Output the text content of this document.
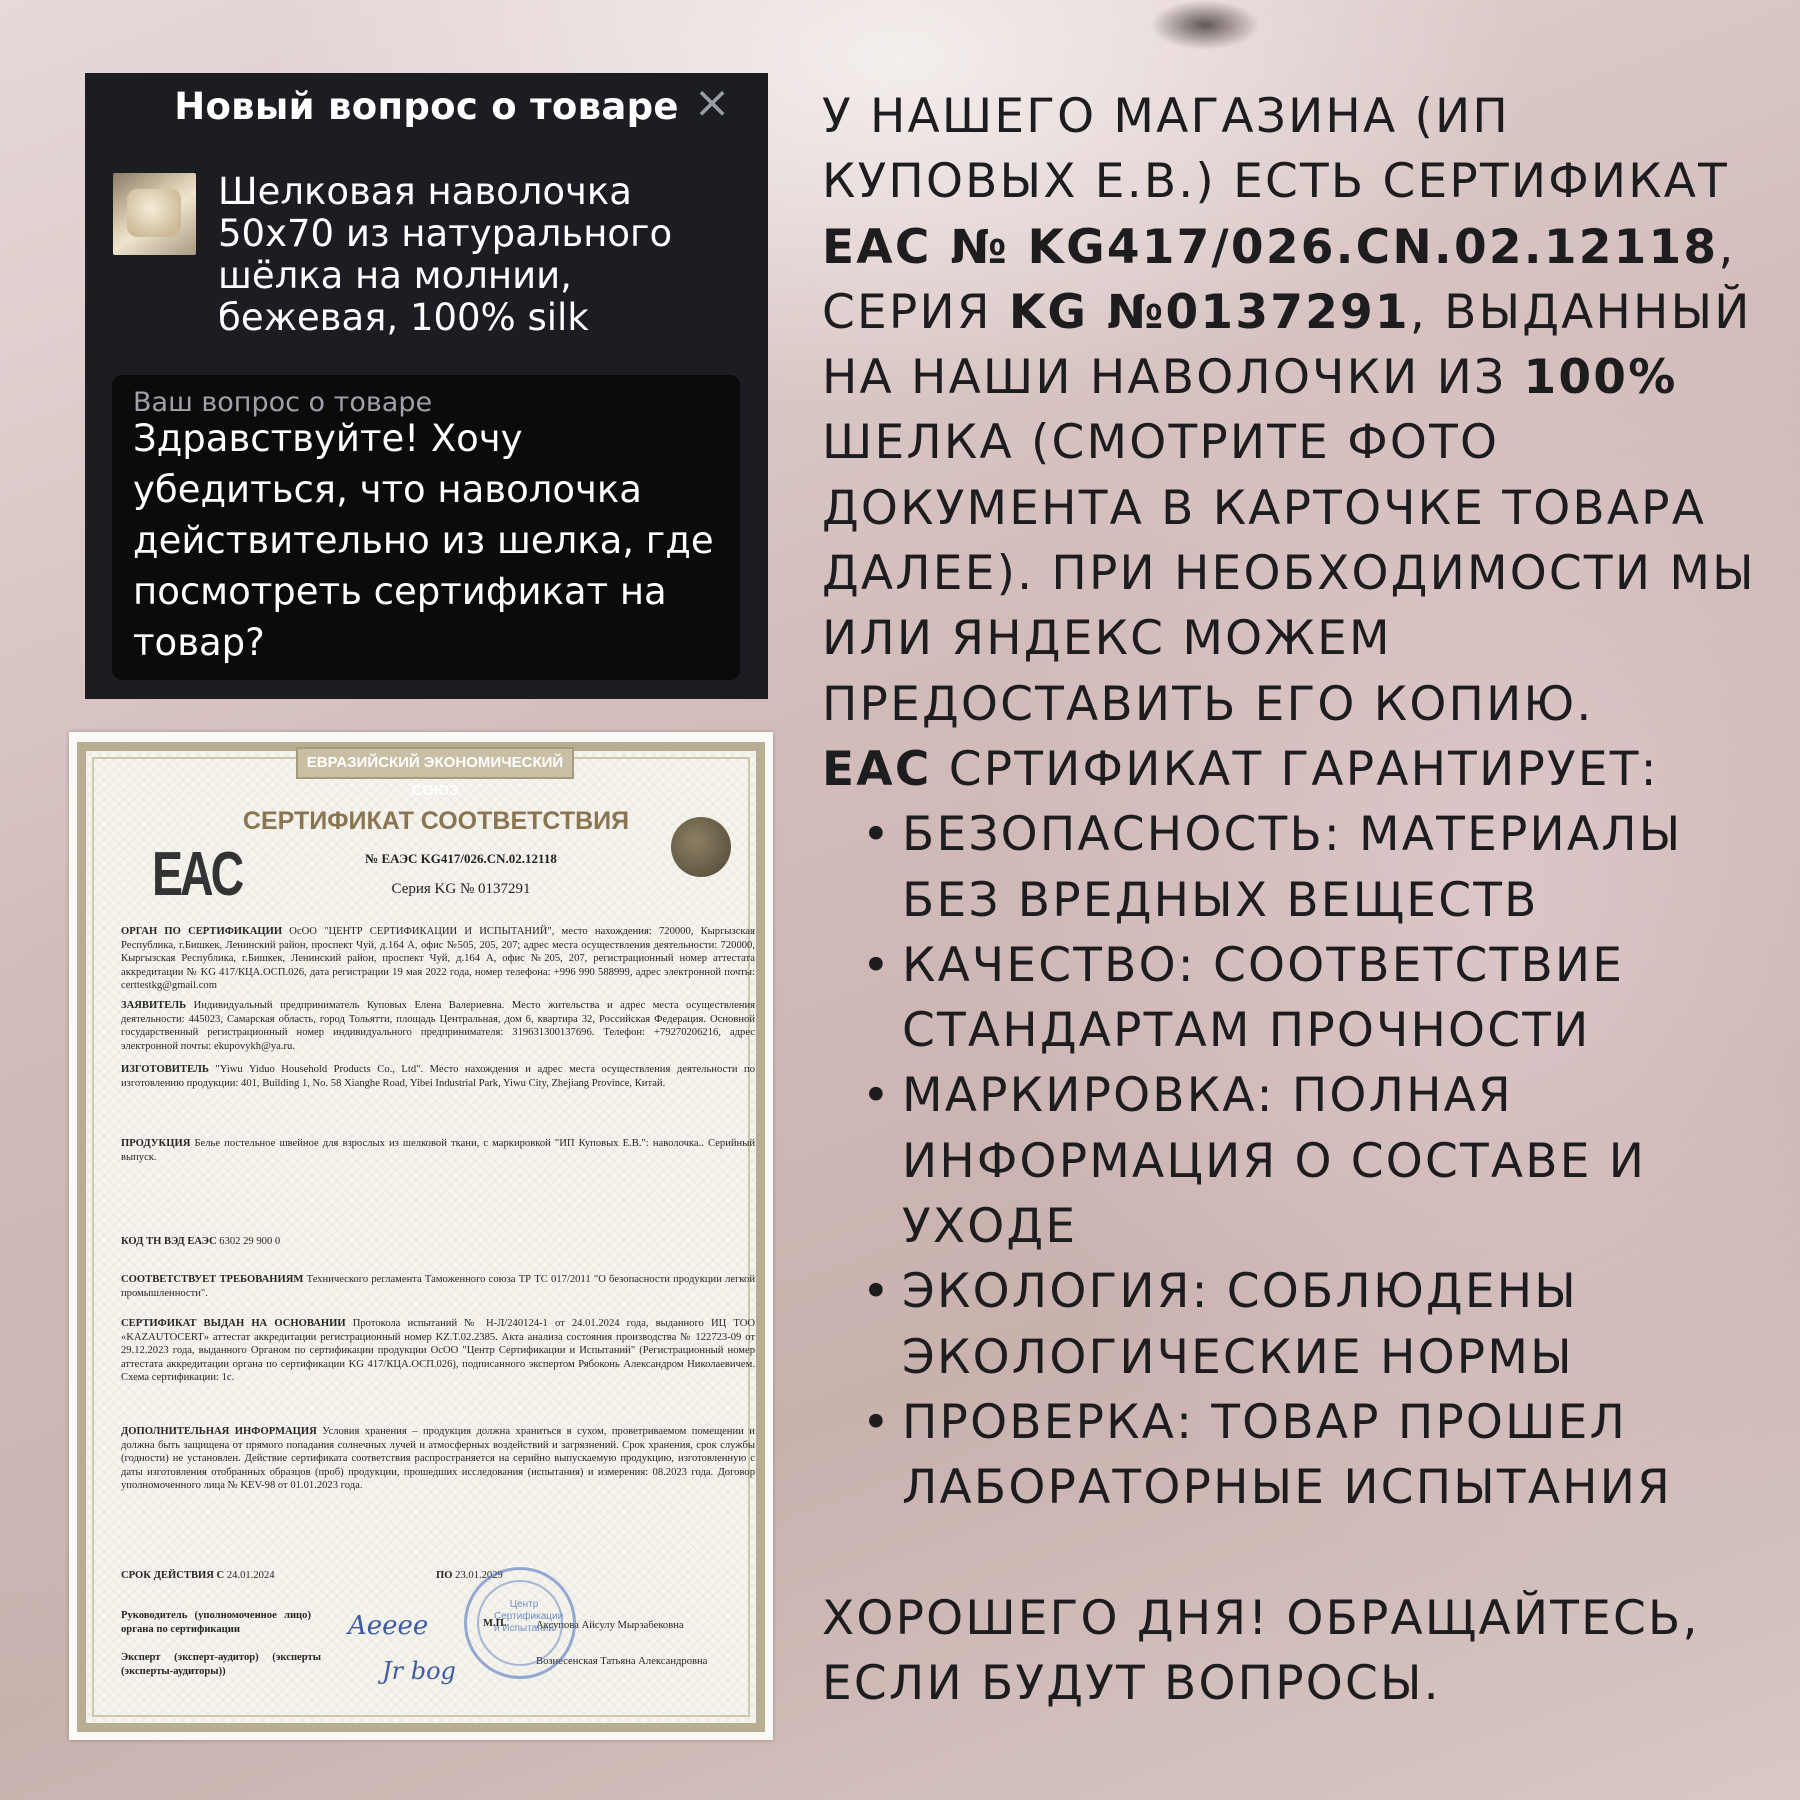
Новый вопрос о товаре ×
Шелковая наволочка 50х70 из натурального шёлка на молнии, бежевая, 100% silk
Ваш вопрос о товаре
Здравствуйте! Хочу убедиться, что наволочка действительно из шелка, где посмотреть сертификат на товар?
ЕВРАЗИЙСКИЙ ЭКОНОМИЧЕСКИЙ СОЮЗ
СЕРТИФИКАТ СООТВЕТСТВИЯ
EAC	№ ЕАЭС KG417/026.CN.02.12118
Серия KG № 0137291
ОРГАН ПО СЕРТИФИКАЦИИ ОсОО "ЦЕНТР СЕРТИФИКАЦИИ И ИСПЫТАНИЙ", место нахождения: 720000, Кыргызская Республика, г.Бишкек, Ленинский район, проспект Чуй, д.164 А, офис №505, 205, 207; адрес места осуществления деятельности: 720000, Кыргызская Республика, г.Бишкек, Ленинский район, проспект Чуй, д.164 А, офис №205, 207, регистрационный номер аттестата аккредитации № KG 417/КЦА.ОСП.026, дата регистрации 19 мая 2022 года, номер телефона: +996 990 588999, адрес электронной почты: certtestkg@gmail.com
ЗАЯВИТЕЛЬ Индивидуальный предприниматель Куповых Елена Валериевна. Место жительства и адрес места осуществления деятельности: 445023, Самарская область, город Тольятти, площадь Центральная, дом 6, квартира 32, Российская Федерация. Основной государственный регистрационный номер индивидуального предпринимателя: 319631300137696. Телефон: +79270206216, адрес электронной почты: ekupovykh@ya.ru.
ИЗГОТОВИТЕЛЬ "Yiwu Yiduo Household Products Co., Ltd". Место нахождения и адрес места осуществления деятельности по изготовлению продукции: 401, Building 1, No. 58 Xianghe Road, Yibei Industrial Park, Yiwu City, Zhejiang Province, Китай.
ПРОДУКЦИЯ Белье постельное швейное для взрослых из шелковой ткани, с маркировкой "ИП Куповых Е.В.": наволочка.. Серийный выпуск.
КОД ТН ВЭД ЕАЭС 6302 29 900 0
СООТВЕТСТВУЕТ ТРЕБОВАНИЯМ Технического регламента Таможенного союза ТР ТС 017/2011 "О безопасности продукции легкой промышленности".
СЕРТИФИКАТ ВЫДАН НА ОСНОВАНИИ Протокола испытаний № Н-Л/240124-1 от 24.01.2024 года, выданного ИЦ ТОО «KAZAUTOCERT» аттестат аккредитации регистрационный номер KZ.T.02.2385. Акта анализа состояния производства № 122723-09 от 29.12.2023 года, выданного Органом по сертификации продукции ОсОО "Центр Сертификации и Испытаний" (Регистрационный номер аттестата аккредитации органа по сертификации KG 417/КЦА.ОСП.026), подписанного экспертом Рябоконь Александром Николаевичем. Схема сертификации: 1с.
ДОПОЛНИТЕЛЬНАЯ ИНФОРМАЦИЯ Условия хранения – продукция должна храниться в сухом, проветриваемом помещении и должна быть защищена от прямого попадания солнечных лучей и атмосферных воздействий и загрязнений. Срок хранения, срок службы (годности) не установлен. Действие сертификата соответствия распространяется на серийно выпускаемую продукцию, изготовленную с даты изготовления отобранных образцов (проб) продукции, прошедших исследования (испытания) и измерения: 08.2023 года. Договор уполномоченного лица № KEV-98 от 01.01.2023 года.
СРОК ДЕЙСТВИЯ С 24.01.2024	ПО 23.01.2029
Руководитель (уполномоченное лицо) органа по сертификации	М.П.	Аксупова Айсулу Мырзабековна
Эксперт (эксперт-аудитор) (эксперты (эксперты-аудиторы))
Вознесенская Татьяна Александровна
Центр Сертификации и Испытаний
Aeeee
Jr bog

У НАШЕГО МАГАЗИНА (ИП КУПОВЫХ Е.В.) ЕСТЬ СЕРТИФИКАТ EAC № KG417/026.CN.02.12118, СЕРИЯ KG №0137291, ВЫДАННЫЙ НА НАШИ НАВОЛОЧКИ ИЗ 100% ШЕЛКА (СМОТРИТЕ ФОТО ДОКУМЕНТА В КАРТОЧКЕ ТОВАРА ДАЛЕЕ). ПРИ НЕОБХОДИМОСТИ МЫ ИЛИ ЯНДЕКС МОЖЕМ ПРЕДОСТАВИТЬ ЕГО КОПИЮ.

EAC СРТИФИКАТ ГАРАНТИРУЕТ:

• БЕЗОПАСНОСТЬ: МАТЕРИАЛЫ БЕЗ ВРЕДНЫХ ВЕЩЕСТВ
• КАЧЕСТВО: СООТВЕТСТВИЕ СТАНДАРТАМ ПРОЧНОСТИ
• МАРКИРОВКА: ПОЛНАЯ ИНФОРМАЦИЯ О СОСТАВЕ И УХОДЕ
• ЭКОЛОГИЯ: СОБЛЮДЕНЫ ЭКОЛОГИЧЕСКИЕ НОРМЫ
• ПРОВЕРКА: ТОВАР ПРОШЕЛ ЛАБОРАТОРНЫЕ ИСПЫТАНИЯ

ХОРОШЕГО ДНЯ! ОБРАЩАЙТЕСЬ, ЕСЛИ БУДУТ ВОПРОСЫ.
